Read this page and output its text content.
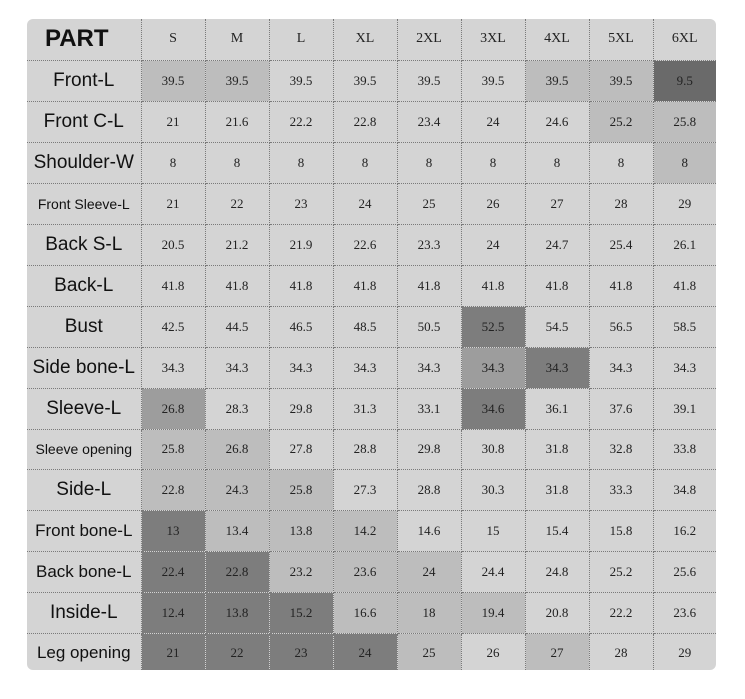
PART	S	M	L	XL	2XL	3XL	4XL	5XL	6XL
Front-L	39.5	39.5	39.5	39.5	39.5	39.5	39.5	39.5	9.5
Front C-L	21	21.6	22.2	22.8	23.4	24	24.6	25.2	25.8
Shoulder-W	8	8	8	8	8	8	8	8	8
Front Sleeve-L	21	22	23	24	25	26	27	28	29
Back S-L	20.5	21.2	21.9	22.6	23.3	24	24.7	25.4	26.1
Back-L	41.8	41.8	41.8	41.8	41.8	41.8	41.8	41.8	41.8
Bust	42.5	44.5	46.5	48.5	50.5	52.5	54.5	56.5	58.5
Side bone-L	34.3	34.3	34.3	34.3	34.3	34.3	34.3	34.3	34.3
Sleeve-L	26.8	28.3	29.8	31.3	33.1	34.6	36.1	37.6	39.1
Sleeve opening	25.8	26.8	27.8	28.8	29.8	30.8	31.8	32.8	33.8
Side-L	22.8	24.3	25.8	27.3	28.8	30.3	31.8	33.3	34.8
Front bone-L	13	13.4	13.8	14.2	14.6	15	15.4	15.8	16.2
Back bone-L	22.4	22.8	23.2	23.6	24	24.4	24.8	25.2	25.6
Inside-L	12.4	13.8	15.2	16.6	18	19.4	20.8	22.2	23.6
Leg opening	21	22	23	24	25	26	27	28	29
